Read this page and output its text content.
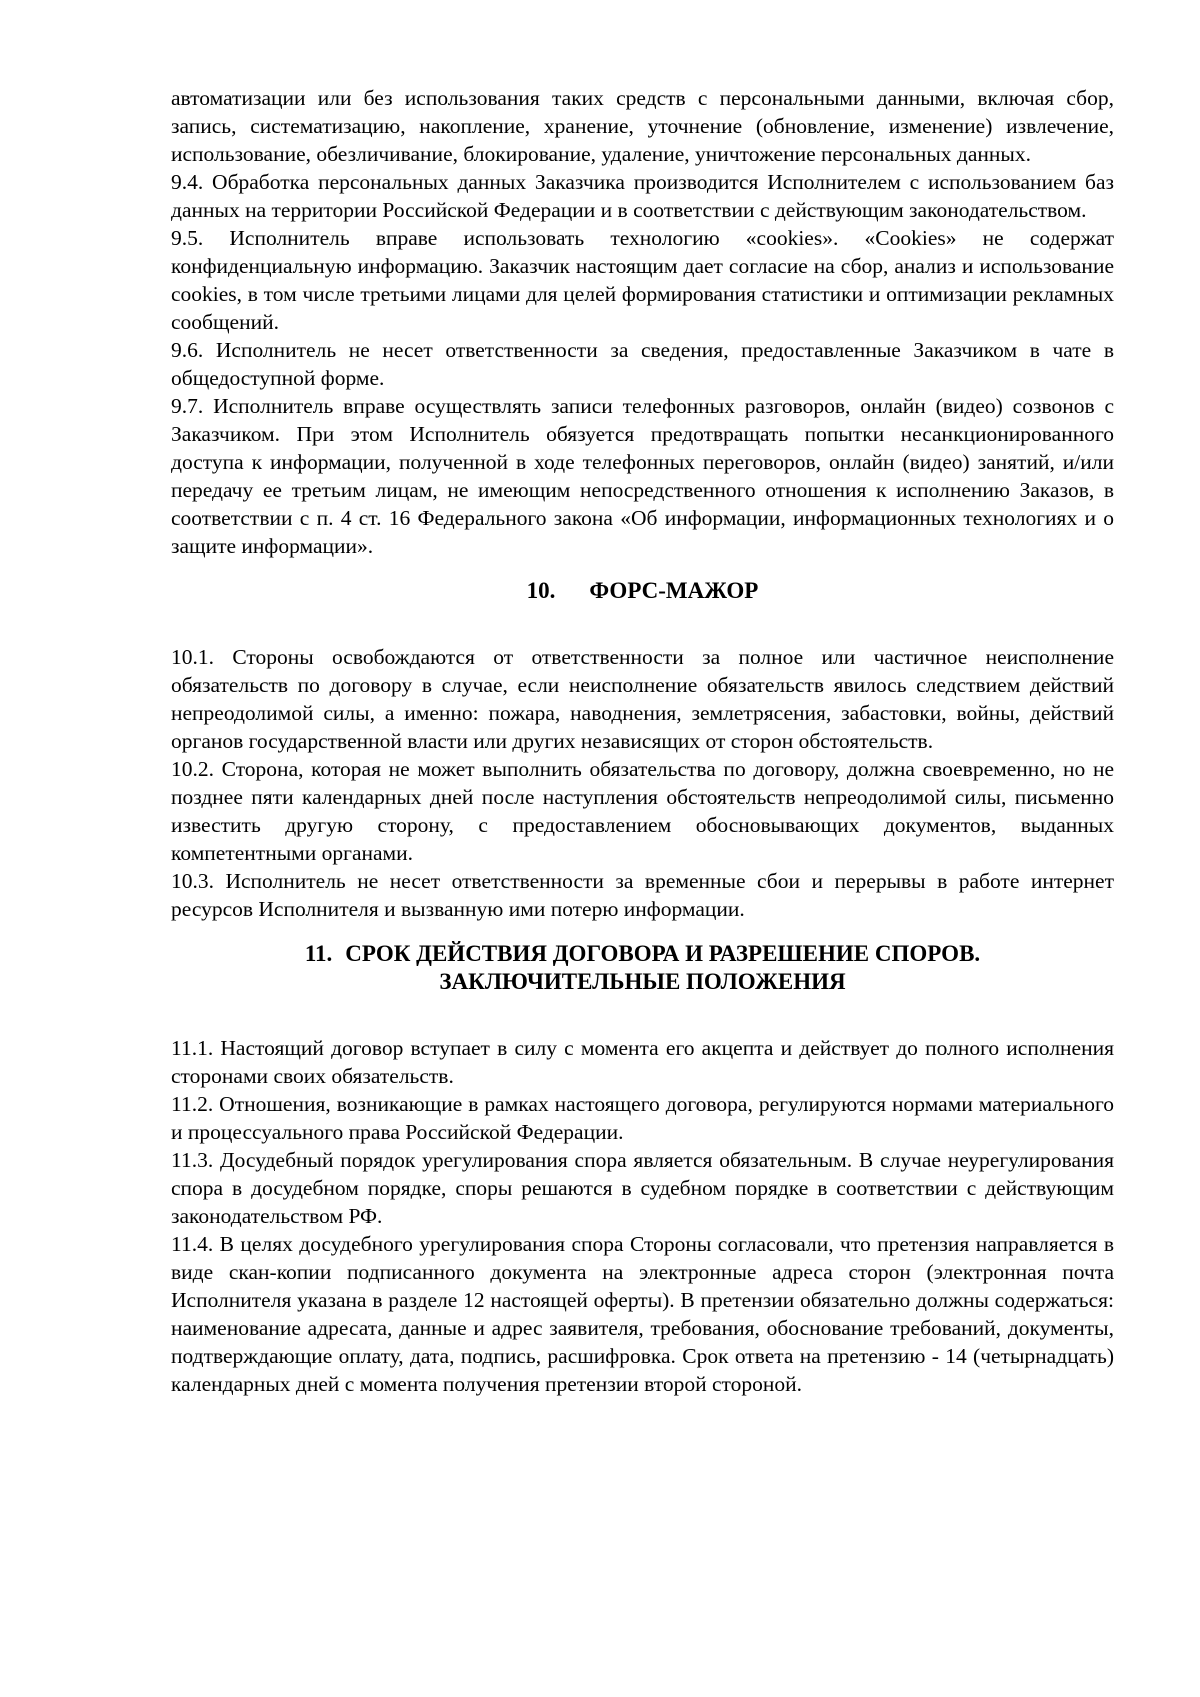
автоматизации или без использования таких средств с персональными данными, включая сбор, запись, систематизацию, накопление, хранение, уточнение (обновление, изменение) извлечение, использование, обезличивание, блокирование, удаление, уничтожение персональных данных.

9.4. Обработка персональных данных Заказчика производится Исполнителем с использованием баз данных на территории Российской Федерации и в соответствии с действующим законодательством.

9.5. Исполнитель вправе использовать технологию «cookies». «Cookies» не содержат конфиденциальную информацию. Заказчик настоящим дает согласие на сбор, анализ и использование cookies, в том числе третьими лицами для целей формирования статистики и оптимизации рекламных сообщений.

9.6. Исполнитель не несет ответственности за сведения, предоставленные Заказчиком в чате в общедоступной форме.

9.7. Исполнитель вправе осуществлять записи телефонных разговоров, онлайн (видео) созвонов с Заказчиком. При этом Исполнитель обязуется предотвращать попытки несанкционированного доступа к информации, полученной в ходе телефонных переговоров, онлайн (видео) занятий, и/или передачу ее третьим лицам, не имеющим непосредственного отношения к исполнению Заказов, в соответствии с п. 4 ст. 16 Федерального закона «Об информации, информационных технологиях и о защите информации».

10. ФОРС-МАЖОР

10.1. Стороны освобождаются от ответственности за полное или частичное неисполнение обязательств по договору в случае, если неисполнение обязательств явилось следствием действий непреодолимой силы, а именно: пожара, наводнения, землетрясения, забастовки, войны, действий органов государственной власти или других независящих от сторон обстоятельств.

10.2. Сторона, которая не может выполнить обязательства по договору, должна своевременно, но не позднее пяти календарных дней после наступления обстоятельств непреодолимой силы, письменно известить другую сторону, с предоставлением обосновывающих документов, выданных компетентными органами.

10.3. Исполнитель не несет ответственности за временные сбои и перерывы в работе интернет ресурсов Исполнителя и вызванную ими потерю информации.

11. СРОК ДЕЙСТВИЯ ДОГОВОРА И РАЗРЕШЕНИЕ СПОРОВ.
ЗАКЛЮЧИТЕЛЬНЫЕ ПОЛОЖЕНИЯ

11.1. Настоящий договор вступает в силу с момента его акцепта и действует до полного исполнения сторонами своих обязательств.

11.2. Отношения, возникающие в рамках настоящего договора, регулируются нормами материального и процессуального права Российской Федерации.

11.3. Досудебный порядок урегулирования спора является обязательным. В случае неурегулирования спора в досудебном порядке, споры решаются в судебном порядке в соответствии с действующим законодательством РФ.

11.4. В целях досудебного урегулирования спора Стороны согласовали, что претензия направляется в виде скан-копии подписанного документа на электронные адреса сторон (электронная почта Исполнителя указана в разделе 12 настоящей оферты). В претензии обязательно должны содержаться: наименование адресата, данные и адрес заявителя, требования, обоснование требований, документы, подтверждающие оплату, дата, подпись, расшифровка. Срок ответа на претензию - 14 (четырнадцать) календарных дней с момента получения претензии второй стороной.
